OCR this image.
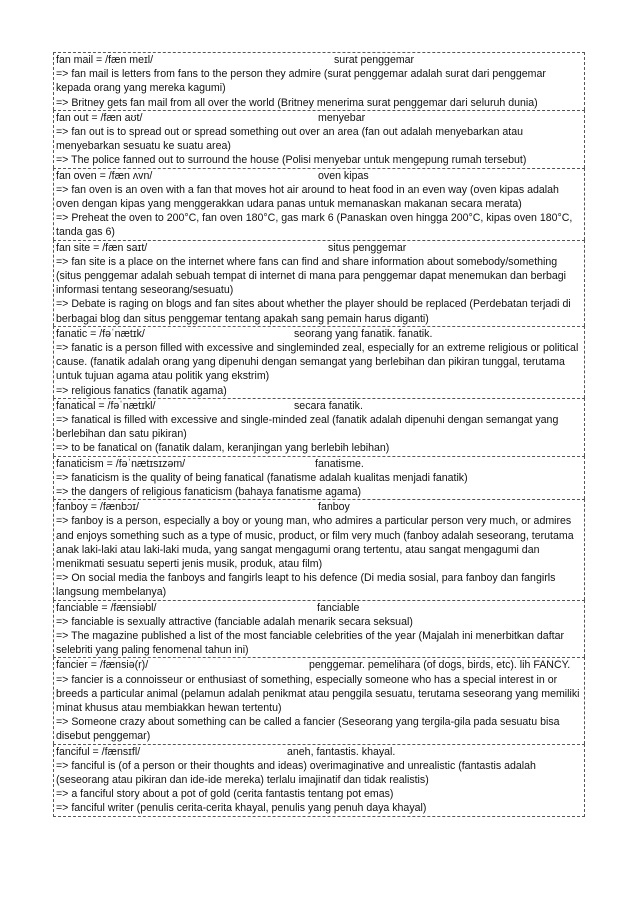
fan mail = /fæn meɪl/	surat penggemar
=> fan mail is letters from fans to the person they admire (surat penggemar adalah surat dari penggemar kepada orang yang mereka kagumi)
=> Britney gets fan mail from all over the world (Britney menerima surat penggemar dari seluruh dunia)
fan out = /fæn aʊt/	menyebar
=> fan out is to spread out or spread something out over an area (fan out adalah menyebarkan atau menyebarkan sesuatu ke suatu area)
=> The police fanned out to surround the house (Polisi menyebar untuk mengepung rumah tersebut)
fan oven = /fæn ʌvn/	oven kipas
=> fan oven is an oven with a fan that moves hot air around to heat food in an even way (oven kipas adalah oven dengan kipas yang menggerakkan udara panas untuk memanaskan makanan secara merata)
=> Preheat the oven to 200°C, fan oven 180°C, gas mark 6 (Panaskan oven hingga 200°C, kipas oven 180°C, tanda gas 6)
fan site = /fæn saɪt/	situs penggemar
=> fan site is a place on the internet where fans can find and share information about somebody/something (situs penggemar adalah sebuah tempat di internet di mana para penggemar dapat menemukan dan berbagi informasi tentang seseorang/sesuatu)
=> Debate is raging on blogs and fan sites about whether the player should be replaced (Perdebatan terjadi di berbagai blog dan situs penggemar tentang apakah sang pemain harus diganti)
fanatic = /fəˈnætɪk/	seorang yang fanatik. fanatik.
=> fanatic is a person filled with excessive and singleminded zeal, especially for an extreme religious or political cause. (fanatik adalah orang yang dipenuhi dengan semangat yang berlebihan dan pikiran tunggal, terutama untuk tujuan agama atau politik yang ekstrim)
=> religious fanatics (fanatik agama)
fanatical = /fəˈnætɪkl/	secara fanatik.
=> fanatical is filled with excessive and single-minded zeal (fanatik adalah dipenuhi dengan semangat yang berlebihan dan satu pikiran)
=> to be fanatical on (fanatik dalam, keranjingan yang berlebih lebihan)
fanaticism = /fəˈnætɪsɪzəm/	fanatisme.
=> fanaticism is the quality of being fanatical (fanatisme adalah kualitas menjadi fanatik)
=> the dangers of religious fanaticism (bahaya fanatisme agama)
fanboy = /fænbɔɪ/	fanboy
=> fanboy is a person, especially a boy or young man, who admires a particular person very much, or admires and enjoys something such as a type of music, product, or film very much (fanboy adalah seseorang, terutama anak laki-laki atau laki-laki muda, yang sangat mengagumi orang tertentu, atau sangat mengagumi dan menikmati sesuatu seperti jenis musik, produk, atau film)
=> On social media the fanboys and fangirls leapt to his defence (Di media sosial, para fanboy dan fangirls langsung membelanya)
fanciable = /fænsiəbl/	fanciable
=> fanciable is sexually attractive (fanciable adalah menarik secara seksual)
=> The magazine published a list of the most fanciable celebrities of the year (Majalah ini menerbitkan daftar selebriti yang paling fenomenal tahun ini)
fancier = /fænsiə(r)/	penggemar. pemelihara (of dogs, birds, etc). lih FANCY.
=> fancier is a connoisseur or enthusiast of something, especially someone who has a special interest in or breeds a particular animal (pelamun adalah penikmat atau penggila sesuatu, terutama seseorang yang memiliki minat khusus atau membiakkan hewan tertentu)
=> Someone crazy about something can be called a fancier (Seseorang yang tergila-gila pada sesuatu bisa disebut penggemar)
fanciful = /fænsɪfl/	aneh, fantastis. khayal.
=> fanciful is (of a person or their thoughts and ideas) overimaginative and unrealistic (fantastis adalah (seseorang atau pikiran dan ide-ide mereka) terlalu imajinatif dan tidak realistis)
=> a fanciful story about a pot of gold (cerita fantastis tentang pot emas)
=> fanciful writer (penulis cerita-cerita khayal, penulis yang penuh daya khayal)
